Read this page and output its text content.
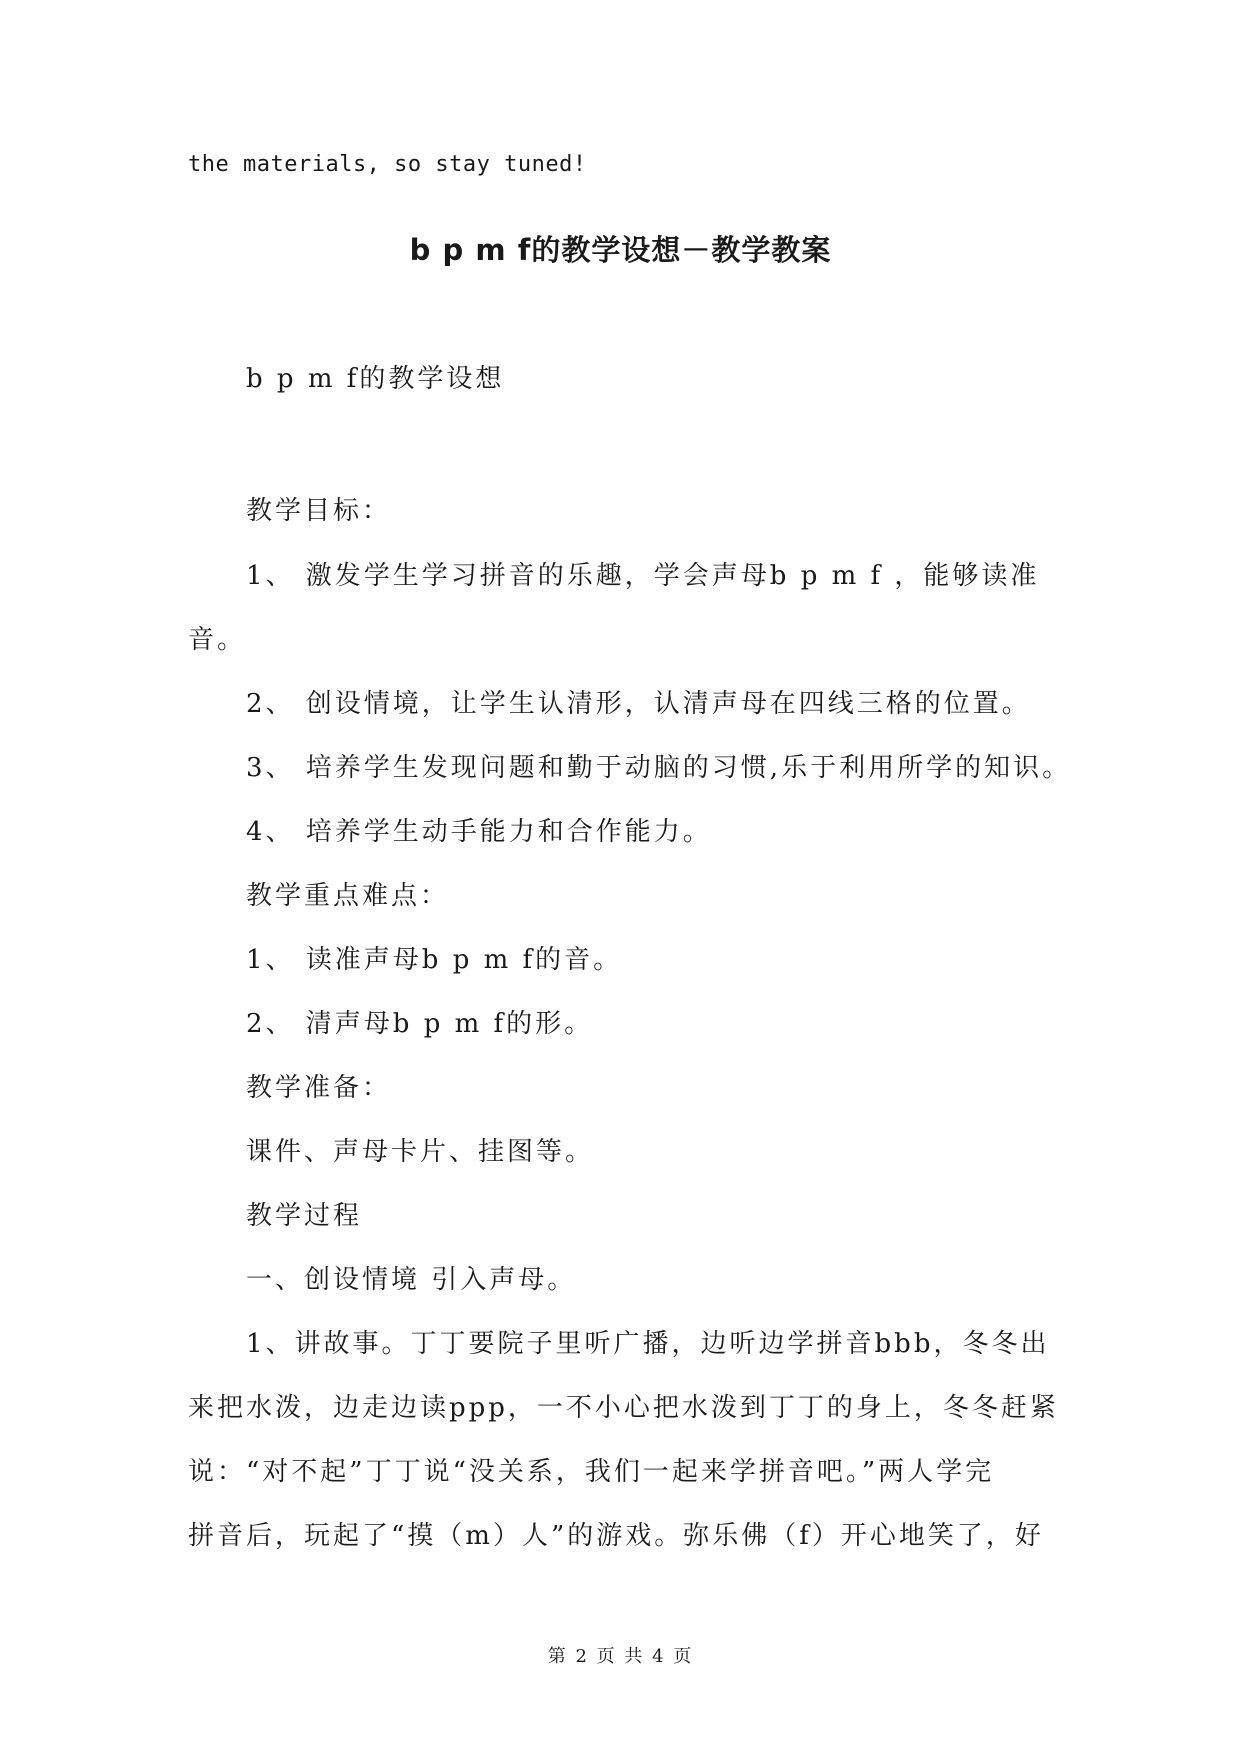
the materials, so stay tuned!
b p m f的教学设想－教学教案
b p m f的教学设想
教学目标：
1、 激发学生学习拼音的乐趣，学会声母b p m f ，能够读准
音。
2、 创设情境，让学生认清形，认清声母在四线三格的位置。
3、 培养学生发现问题和勤于动脑的习惯,乐于利用所学的知识。
4、 培养学生动手能力和合作能力。
教学重点难点：
1、 读准声母b p m f的音。
2、 清声母b p m f的形。
教学准备：
课件、声母卡片、挂图等。
教学过程
一、创设情境 引入声母。
1、讲故事。丁丁要院子里听广播，边听边学拼音bbb，冬冬出
来把水泼，边走边读ppp，一不小心把水泼到丁丁的身上，冬冬赶紧
说：“对不起”丁丁说“没关系，我们一起来学拼音吧。”两人学完
拼音后，玩起了“摸（m）人”的游戏。弥乐佛（f）开心地笑了，好
第 2 页 共 4 页
